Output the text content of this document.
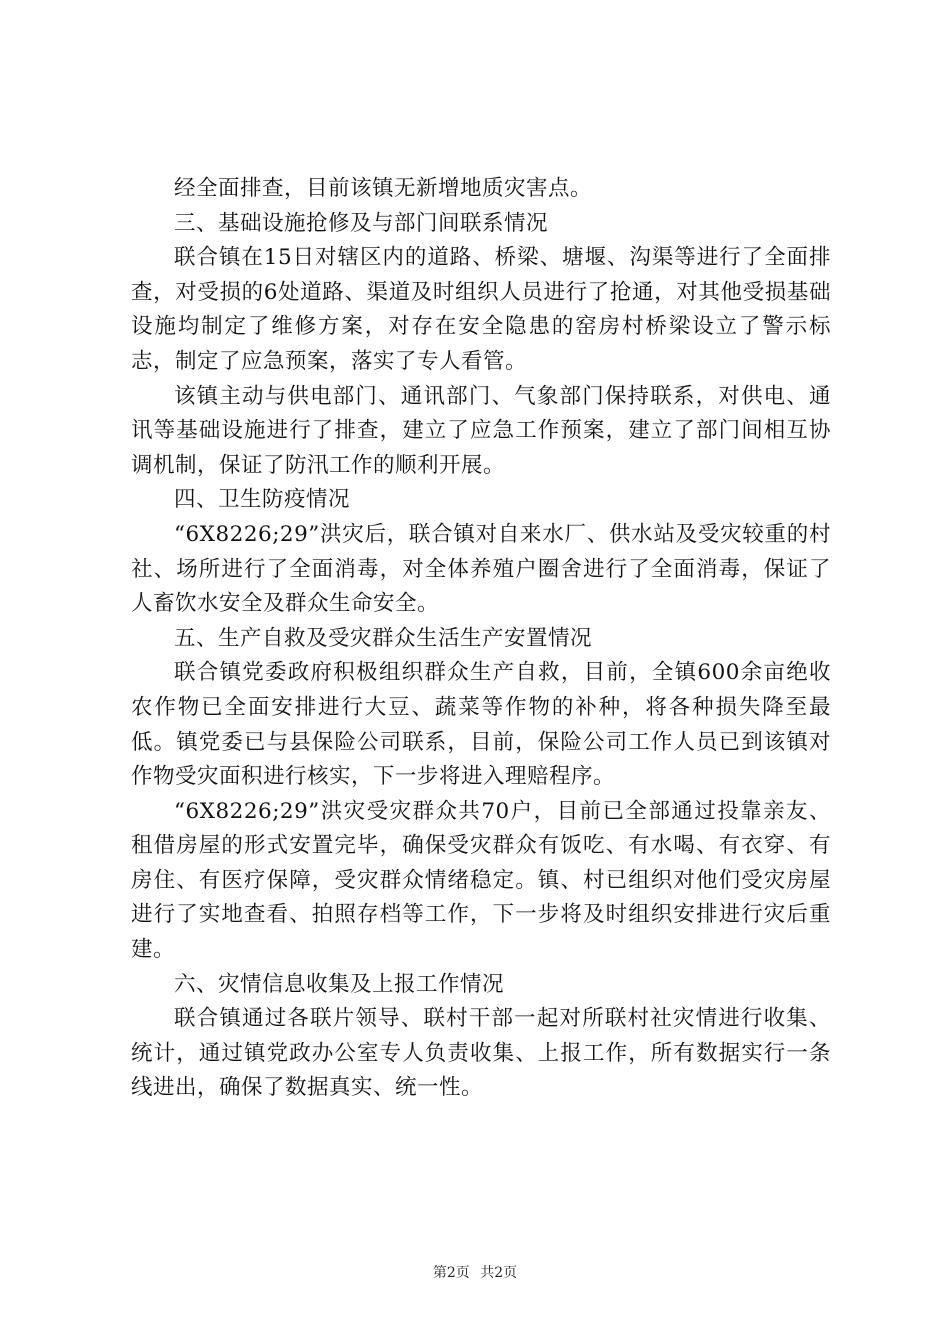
经全面排查，目前该镇无新增地质灾害点。

三、基础设施抢修及与部门间联系情况

联合镇在15日对辖区内的道路、桥梁、塘堰、沟渠等进行了全面排查，对受损的6处道路、渠道及时组织人员进行了抢通，对其他受损基础设施均制定了维修方案，对存在安全隐患的窑房村桥梁设立了警示标志，制定了应急预案，落实了专人看管。

该镇主动与供电部门、通讯部门、气象部门保持联系，对供电、通讯等基础设施进行了排查，建立了应急工作预案，建立了部门间相互协调机制，保证了防汛工作的顺利开展。

四、卫生防疫情况

“6X8226;29”洪灾后，联合镇对自来水厂、供水站及受灾较重的村社、场所进行了全面消毒，对全体养殖户圈舍进行了全面消毒，保证了人畜饮水安全及群众生命安全。

五、生产自救及受灾群众生活生产安置情况

联合镇党委政府积极组织群众生产自救，目前，全镇600余亩绝收农作物已全面安排进行大豆、蔬菜等作物的补种，将各种损失降至最低。镇党委已与县保险公司联系，目前，保险公司工作人员已到该镇对作物受灾面积进行核实，下一步将进入理赔程序。

“6X8226;29”洪灾受灾群众共70户，目前已全部通过投靠亲友、租借房屋的形式安置完毕，确保受灾群众有饭吃、有水喝、有衣穿、有房住、有医疗保障，受灾群众情绪稳定。镇、村已组织对他们受灾房屋进行了实地查看、拍照存档等工作，下一步将及时组织安排进行灾后重建。

六、灾情信息收集及上报工作情况

联合镇通过各联片领导、联村干部一起对所联村社灾情进行收集、统计，通过镇党政办公室专人负责收集、上报工作，所有数据实行一条线进出，确保了数据真实、统一性。

第2页 共2页
